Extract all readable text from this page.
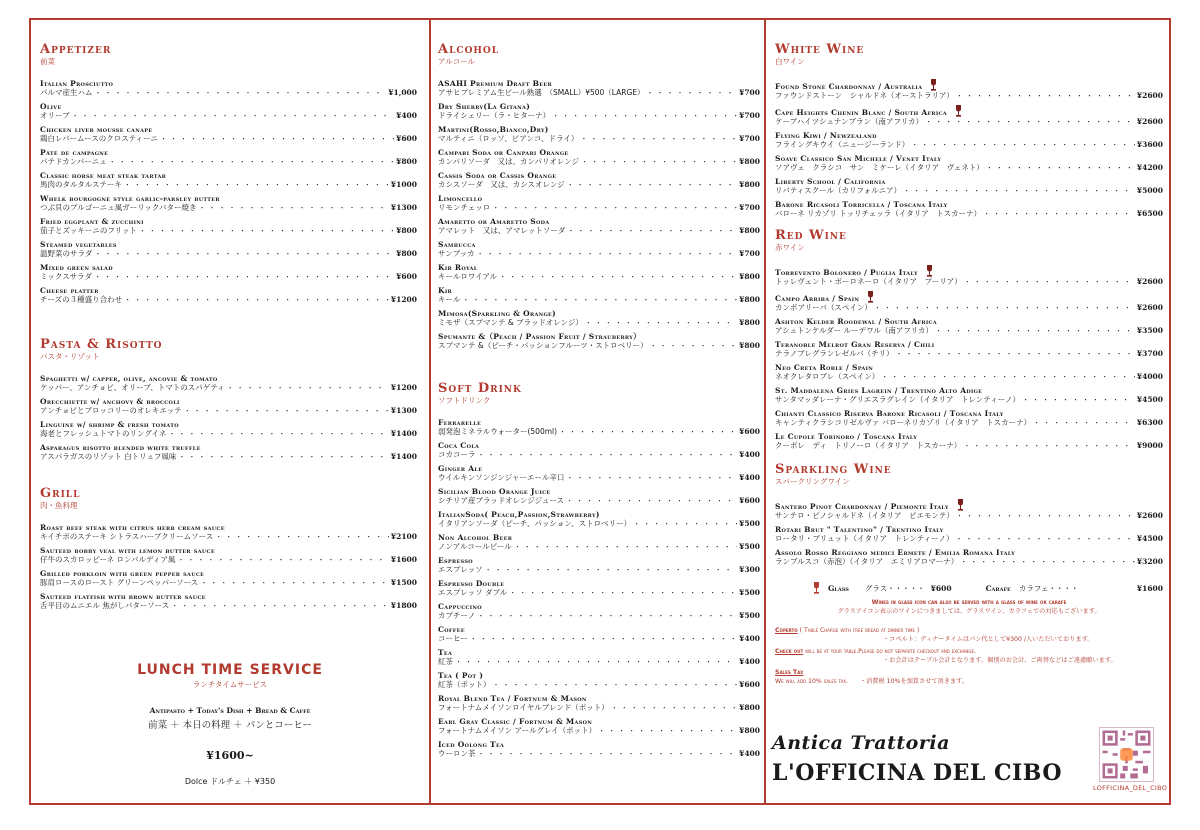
Appetizer
前菜
Italian Prosciutto
パルマ産生ハム ・・・・・・・・・・・・・・・・・・・・・・・・・・・・・・・・・・・・・・・・・・・・・・・・・・・・・・・・・・	¥1,000
Olive
オリーブ ・・・・・・・・・・・・・・・・・・・・・・・・・・・・・・・・・・・・・・・・・・・・・・・・・・・・・・・・・・	¥400
Chicken liver mousse canape
鶏白レバームースのクロスティーニ ・・・・・・・・・・・・・・・・・・・・・・・・・・・・・・・・・・・・・・・・・・・・・・・・・・・・・・・・・・	¥600
Pâté de campagne
パテドカンパーニュ ・・・・・・・・・・・・・・・・・・・・・・・・・・・・・・・・・・・・・・・・・・・・・・・・・・・・・・・・・・	¥800
Classic horse meat steak tartar
馬肉のタルタルステーキ ・・・・・・・・・・・・・・・・・・・・・・・・・・・・・・・・・・・・・・・・・・・・・・・・・・・・・・・・・・	¥1000
Whelk bourgogne style garlic-parsley butter
つぶ貝のブルゴーニュ風ガーリックバター焼き ・・・・・・・・・・・・・・・・・・・・・・・・・・・・・・・・・・・・・・・・・・・・・・・・・・・・・・・・・・	¥1300
Fried eggplant & zucchini
茄子とズッキーニのフリット ・・・・・・・・・・・・・・・・・・・・・・・・・・・・・・・・・・・・・・・・・・・・・・・・・・・・・・・・・・	¥800
Steamed vegetables
温野菜のサラダ ・・・・・・・・・・・・・・・・・・・・・・・・・・・・・・・・・・・・・・・・・・・・・・・・・・・・・・・・・・	¥800
Mixed green salad
ミックスサラダ ・・・・・・・・・・・・・・・・・・・・・・・・・・・・・・・・・・・・・・・・・・・・・・・・・・・・・・・・・・	¥600
Cheese platter
チーズの３種盛り合わせ ・・・・・・・・・・・・・・・・・・・・・・・・・・・・・・・・・・・・・・・・・・・・・・・・・・・・・・・・・・	¥1200
Pasta & Risotto
パスタ・リゾット
Spaghetti w/ capper, olive, ancovie & tomato
ケッパー、アンチョビ、オリーブ、トマトのスパゲティ ・・・・・・・・・・・・・・・・・・・・・・・・・・・・・・・・・・・・・・・・・・・・・・・・・・・・・・・・・・	¥1200
Orecchiette w/ anchovy & broccoli
アンチョビとブロッコリーのオレキエッテ ・・・・・・・・・・・・・・・・・・・・・・・・・・・・・・・・・・・・・・・・・・・・・・・・・・・・・・・・・・	¥1300
Linguine w/ shrimp & fresh tomato
海老とフレッシュトマトのリングイネ ・・・・・・・・・・・・・・・・・・・・・・・・・・・・・・・・・・・・・・・・・・・・・・・・・・・・・・・・・・	¥1400
Asparagus risotto blended white truffle
アスパラガスのリゾット 白トリュフ風味 ・・・・・・・・・・・・・・・・・・・・・・・・・・・・・・・・・・・・・・・・・・・・・・・・・・・・・・・・・・	¥1400
Grill
肉・魚料理
Roast beef steak with citrus herb cream sauce
キイチボのステーキ シトラスハーブクリームソース ・・・・・・・・・・・・・・・・・・・・・・・・・・・・・・・・・・・・・・・・・・・・・・・・・・・・・・・・・・	¥2100
Sauteed bobby veal with lemon butter sauce
仔牛のスカロッピーネ ロンバルディア風 ・・・・・・・・・・・・・・・・・・・・・・・・・・・・・・・・・・・・・・・・・・・・・・・・・・・・・・・・・・	¥1600
Grilled porkloin with green pepper sauce
豚肩ロースのロースト グリーンペッパーソース ・・・・・・・・・・・・・・・・・・・・・・・・・・・・・・・・・・・・・・・・・・・・・・・・・・・・・・・・・・	¥1500
Sauteed flatfish with brown butter sauce
舌平目のムニエル 焦がしバターソース ・・・・・・・・・・・・・・・・・・・・・・・・・・・・・・・・・・・・・・・・・・・・・・・・・・・・・・・・・・	¥1800
LUNCH TIME SERVICE
ランチタイムサービス
Antipasto + Today's Dish + Bread & Caffè
前菜 ＋ 本日の料理 ＋ パンとコーヒー
¥1600~
Dolce ドルチェ ＋ ¥350
Alcohol
アルコール
ASAHI Premium Draft Beer
アサヒプレミアム生ビール熟選　（SMALL）¥500（LARGE） ・・・・・・・・・・・・・・・・・・・・・・・・・・・・・・・・・・・・・・・・・・・・・・・・・・・・・・・・・・	¥700
Dry Sherry(La Gitana)
ドライシェリー（ラ・ヒターナ） ・・・・・・・・・・・・・・・・・・・・・・・・・・・・・・・・・・・・・・・・・・・・・・・・・・・・・・・・・・	¥700
Martini(Rosso,Bianco,Dry)
マルティニ（ロッソ、ビアンコ、ドライ） ・・・・・・・・・・・・・・・・・・・・・・・・・・・・・・・・・・・・・・・・・・・・・・・・・・・・・・・・・・	¥700
Campari Soda or Canpari Orange
カンパリソーダ　又は、カンパリオレンジ ・・・・・・・・・・・・・・・・・・・・・・・・・・・・・・・・・・・・・・・・・・・・・・・・・・・・・・・・・・	¥800
Cassis Soda or Cassis Orange
カシスソーダ　又は、カシスオレンジ ・・・・・・・・・・・・・・・・・・・・・・・・・・・・・・・・・・・・・・・・・・・・・・・・・・・・・・・・・・	¥800
Limoncello
リモンチェッロ ・・・・・・・・・・・・・・・・・・・・・・・・・・・・・・・・・・・・・・・・・・・・・・・・・・・・・・・・・・	¥700
Amaretto or Amaretto Soda
アマレット　又は、アマレットソーダ ・・・・・・・・・・・・・・・・・・・・・・・・・・・・・・・・・・・・・・・・・・・・・・・・・・・・・・・・・・	¥800
Sambucca
サンブッカ ・・・・・・・・・・・・・・・・・・・・・・・・・・・・・・・・・・・・・・・・・・・・・・・・・・・・・・・・・・	¥700
Kir Royal
キールロワイアル ・・・・・・・・・・・・・・・・・・・・・・・・・・・・・・・・・・・・・・・・・・・・・・・・・・・・・・・・・・	¥800
Kir
キール ・・・・・・・・・・・・・・・・・・・・・・・・・・・・・・・・・・・・・・・・・・・・・・・・・・・・・・・・・・	¥800
Mimosa(Sparkling & Orange)
ミモザ（スプマンテ & ブラッドオレンジ） ・・・・・・・・・・・・・・・・・・・・・・・・・・・・・・・・・・・・・・・・・・・・・・・・・・・・・・・・・・	¥800
Spumante &（Peach / Passion Fruit / Strauberry）
スプマンテ &（ピーチ・パッションフルーツ・ストロベリー） ・・・・・・・・・・・・・・・・・・・・・・・・・・・・・・・・・・・・・・・・・・・・・・・・・・・・・・・・・・	¥800
Soft Drink
ソフトドリンク
Ferrarelle
弱発泡ミネラルウォーター(500ml) ・・・・・・・・・・・・・・・・・・・・・・・・・・・・・・・・・・・・・・・・・・・・・・・・・・・・・・・・・・	¥600
Coca Cola
コカコーラ ・・・・・・・・・・・・・・・・・・・・・・・・・・・・・・・・・・・・・・・・・・・・・・・・・・・・・・・・・・	¥400
Ginger Ale
ウイルキンソンジンジャーエール辛口 ・・・・・・・・・・・・・・・・・・・・・・・・・・・・・・・・・・・・・・・・・・・・・・・・・・・・・・・・・・	¥400
Sicilian Blood Orange Juice
シチリア産ブラッドオレンジジュース ・・・・・・・・・・・・・・・・・・・・・・・・・・・・・・・・・・・・・・・・・・・・・・・・・・・・・・・・・・	¥600
ItalianSoda( Peach,Passion,Strawberry)
イタリアンソーダ（ピーチ、パッション、ストロベリー） ・・・・・・・・・・・・・・・・・・・・・・・・・・・・・・・・・・・・・・・・・・・・・・・・・・・・・・・・・・	¥500
Non Alcohol Beer
ノンアルコールビール ・・・・・・・・・・・・・・・・・・・・・・・・・・・・・・・・・・・・・・・・・・・・・・・・・・・・・・・・・・	¥500
Espresso
エスプレッソ ・・・・・・・・・・・・・・・・・・・・・・・・・・・・・・・・・・・・・・・・・・・・・・・・・・・・・・・・・・	¥300
Espresso Double
エスプレッソ ダブル ・・・・・・・・・・・・・・・・・・・・・・・・・・・・・・・・・・・・・・・・・・・・・・・・・・・・・・・・・・	¥500
Cappuccino
カプチーノ ・・・・・・・・・・・・・・・・・・・・・・・・・・・・・・・・・・・・・・・・・・・・・・・・・・・・・・・・・・	¥500
Coffee
コーヒー ・・・・・・・・・・・・・・・・・・・・・・・・・・・・・・・・・・・・・・・・・・・・・・・・・・・・・・・・・・	¥400
Tea
紅茶 ・・・・・・・・・・・・・・・・・・・・・・・・・・・・・・・・・・・・・・・・・・・・・・・・・・・・・・・・・・	¥400
Tea ( Pot )
紅茶（ポット） ・・・・・・・・・・・・・・・・・・・・・・・・・・・・・・・・・・・・・・・・・・・・・・・・・・・・・・・・・・	¥600
Royal Blend Tea / Fortnum & Mason
フォートナムメイソンロイヤルブレンド（ポット） ・・・・・・・・・・・・・・・・・・・・・・・・・・・・・・・・・・・・・・・・・・・・・・・・・・・・・・・・・・	¥800
Earl Gray Classic / Fortnum & Mason
フォートナムメイソン アールグレイ（ポット） ・・・・・・・・・・・・・・・・・・・・・・・・・・・・・・・・・・・・・・・・・・・・・・・・・・・・・・・・・・	¥800
Iced Oolong Tea
ウーロン茶 ・・・・・・・・・・・・・・・・・・・・・・・・・・・・・・・・・・・・・・・・・・・・・・・・・・・・・・・・・・	¥400
White Wine
白ワイン
Found Stone Chardonnay / Australia
ファウンドストーン　シャルドネ（オーストラリア） ・・・・・・・・・・・・・・・・・・・・・・・・・・・・・・・・・・・・・・・・・・・・・・・・・・・・・・・・・・	¥2600
Cape Heights Chenin Blanc / South Africa
ケープハイツシュナンブラン（南アフリカ） ・・・・・・・・・・・・・・・・・・・・・・・・・・・・・・・・・・・・・・・・・・・・・・・・・・・・・・・・・・	¥2600
Flying Kiwi / Newzealand
フライングキウイ（ニュージーランド） ・・・・・・・・・・・・・・・・・・・・・・・・・・・・・・・・・・・・・・・・・・・・・・・・・・・・・・・・・・	¥3600
Soave Classico San Michele / Venet Italy
ソアヴェ　クラシコ　サン　ミケーレ（イタリア　ヴェネト） ・・・・・・・・・・・・・・・・・・・・・・・・・・・・・・・・・・・・・・・・・・・・・・・・・・・・・・・・・・	¥4200
Liberty School / California
リバティスクール（カリフォルニア） ・・・・・・・・・・・・・・・・・・・・・・・・・・・・・・・・・・・・・・・・・・・・・・・・・・・・・・・・・・	¥5000
Barone Ricasoli Torricella / Toscana Italy
バローネ リカゾリ トッリチェッラ（イタリア　トスカーナ） ・・・・・・・・・・・・・・・・・・・・・・・・・・・・・・・・・・・・・・・・・・・・・・・・・・・・・・・・・・	¥6500
Red Wine
赤ワイン
Torrevento Bolonero / Puglia Italy
トッレヴェント・ボーロネーロ（イタリア　プーリア） ・・・・・・・・・・・・・・・・・・・・・・・・・・・・・・・・・・・・・・・・・・・・・・・・・・・・・・・・・・	¥2600
Campo Arriba / Spain
カンポアリーバ（スペイン） ・・・・・・・・・・・・・・・・・・・・・・・・・・・・・・・・・・・・・・・・・・・・・・・・・・・・・・・・・・	¥2600
Ashton Kelder Roodewal / South Africa
アシュトンケルダー ルーデワル（南アフリカ） ・・・・・・・・・・・・・・・・・・・・・・・・・・・・・・・・・・・・・・・・・・・・・・・・・・・・・・・・・・	¥3500
Teranoble Melrot Gran Reserva / Chili
テラノブレグランレゼルバ（チリ） ・・・・・・・・・・・・・・・・・・・・・・・・・・・・・・・・・・・・・・・・・・・・・・・・・・・・・・・・・・	¥3700
Neo Creta Roble / Spain
ネオクレタロブレ（スペイン） ・・・・・・・・・・・・・・・・・・・・・・・・・・・・・・・・・・・・・・・・・・・・・・・・・・・・・・・・・・	¥4000
St. Maddalena Gries Lagrein / Trentino Alto Adige
サンタマッダレーナ・グリエスラグレイン（イタリア　トレンティーノ） ・・・・・・・・・・・・・・・・・・・・・・・・・・・・・・・・・・・・・・・・・・・・・・・・・・・・・・・・・・	¥4500
Chianti Classico Riserva Barone Ricasoli / Toscana Italy
キャンティクラシコリゼルヴァ バローネリカゾリ（イタリア　トスカーナ） ・・・・・・・・・・・・・・・・・・・・・・・・・・・・・・・・・・・・・・・・・・・・・・・・・・・・・・・・・・	¥6300
Le Cupole Torinoro / Toscana Italy
クーポレ　ディ　トリノーロ（イタリア　トスカーナ） ・・・・・・・・・・・・・・・・・・・・・・・・・・・・・・・・・・・・・・・・・・・・・・・・・・・・・・・・・・	¥9000
Sparkling Wine
スパークリングワイン
Santero Pinot Chardonnay / Piemonte Italy
サンテロ・ピノシャルドネ（イタリア　ピエモンテ） ・・・・・・・・・・・・・・・・・・・・・・・・・・・・・・・・・・・・・・・・・・・・・・・・・・・・・・・・・・	¥2600
Rotari Brut " Talentino" / Trentino Italy
ロータリ・ブリュット（イタリア　トレンティーノ） ・・・・・・・・・・・・・・・・・・・・・・・・・・・・・・・・・・・・・・・・・・・・・・・・・・・・・・・・・・	¥4500
Assolo Rosso Reggiano medici Ermete / Emilia Romana Italy
ランブルスコ（赤泡）（イタリア　エミリアロマーナ） ・・・・・・・・・・・・・・・・・・・・・・・・・・・・・・・・・・・・・・・・・・・・・・・・・・・・・・・・・・	¥3200
Glass グラス・・・・・ ¥600	Carafe カラフェ・・・・	¥1600
Wines in glass icon can also be served with a glass of wine or carafe
グラスアイコン表示のワインにつきましては、グラスワイン、カラフェでの対応もございます。
Coperto ( Table Charge with free bread at dinner time )
・コペルト：ディナータイムはパン代として¥300 /人いただいております。
Check out will be at your table.Please do not separate checkout and exchange.
・お会計はテーブル会計となります。個別のお会計、ご両替などはご遠慮願います。
Sales Tax
We will add 10% sales tax. ・消費税 10%を加算させて頂きます。
Antica Trattoria
L'OFFICINA DEL CIBO
LOFFICINA_DEL_CIBO
